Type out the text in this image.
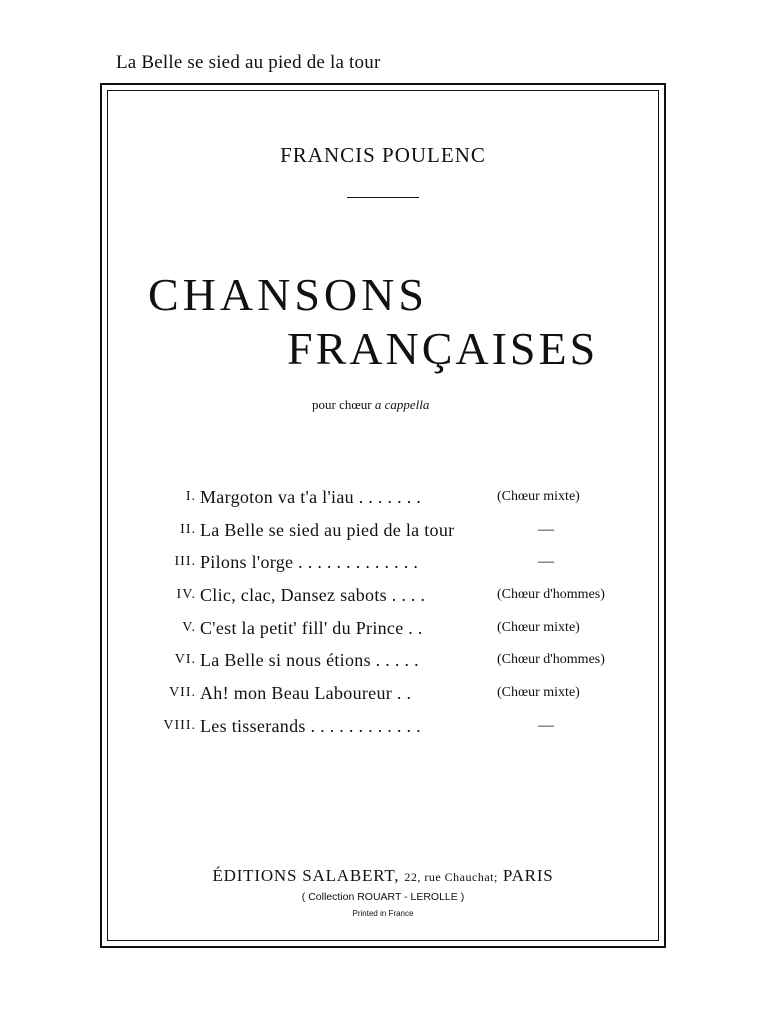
La Belle se sied au pied de la tour
FRANCIS POULENC
CHANSONS
FRANÇAISES
pour chœur a cappella
I. Margoton va t'a l'iau . . . . . . .	(Chœur mixte)
II. La Belle se sied au pied de la tour	—
III. Pilons l'orge . . . . . . . . . . . . .	—
IV. Clic, clac, Dansez sabots . . . .	(Chœur d'hommes)
V. C'est la petit' fill' du Prince . .	(Chœur mixte)
VI. La Belle si nous étions . . . . .	(Chœur d'hommes)
VII. Ah! mon Beau Laboureur . .	(Chœur mixte)
VIII. Les tisserands . . . . . . . . . . . .	—
ÉDITIONS SALABERT, 22, rue Chauchat; PARIS
( Collection ROUART - LEROLLE )
Printed in France
